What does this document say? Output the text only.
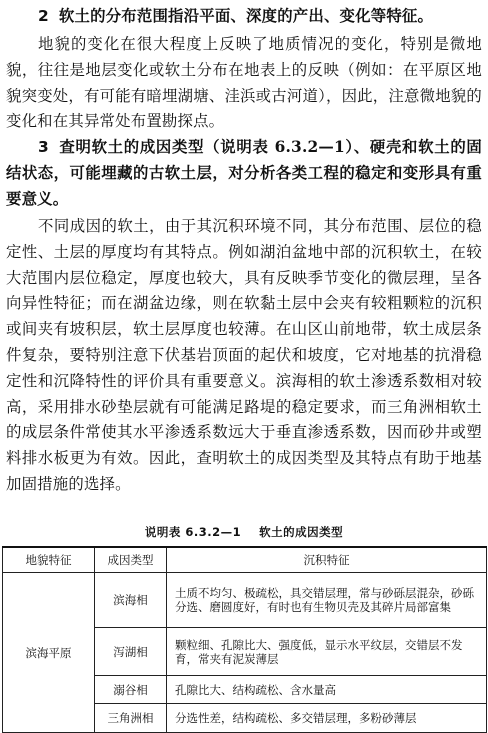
2 软土的分布范围指沿平面、深度的产出、变化等特征。

地貌的变化在很大程度上反映了地质情况的变化，特别是微地貌，往往是地层变化或软土分布在地表上的反映（例如：在平原区地貌突变处，有可能有暗埋湖塘、洼浜或古河道），因此，注意微地貌的变化和在其异常处布置勘探点。

3 查明软土的成因类型（说明表 6.3.2—1）、硬壳和软土的固结状态，可能埋藏的古软土层，对分析各类工程的稳定和变形具有重要意义。

不同成因的软土，由于其沉积环境不同，其分布范围、层位的稳定性、土层的厚度均有其特点。例如湖泊盆地中部的沉积软土，在较大范围内层位稳定，厚度也较大，具有反映季节变化的微层理，呈各向异性特征；而在湖盆边缘，则在软黏土层中会夹有较粗颗粒的沉积或间夹有坡积层，软土层厚度也较薄。在山区山前地带，软土成层条件复杂，要特别注意下伏基岩顶面的起伏和坡度，它对地基的抗滑稳定性和沉降特性的评价具有重要意义。滨海相的软土渗透系数相对较高，采用排水砂垫层就有可能满足路堤的稳定要求，而三角洲相软土的成层条件常使其水平渗透系数远大于垂直渗透系数，因而砂井或塑料排水板更为有效。因此，查明软土的成因类型及其特点有助于地基加固措施的选择。

说明表 6.3.2—1 软土的成因类型
地貌特征	成因类型	沉积特征
滨海平原	滨海相	土质不均匀、极疏松，具交错层理，常与砂砾层混杂，砂砾分选、磨圆度好，有时也有生物贝壳及其碎片局部富集
	泻湖相	颗粒细、孔隙比大、强度低，显示水平纹层，交错层不发育，常夹有泥炭薄层
	溺谷相	孔隙比大、结构疏松、含水量高
	三角洲相	分选性差，结构疏松、多交错层理，多粉砂薄层
